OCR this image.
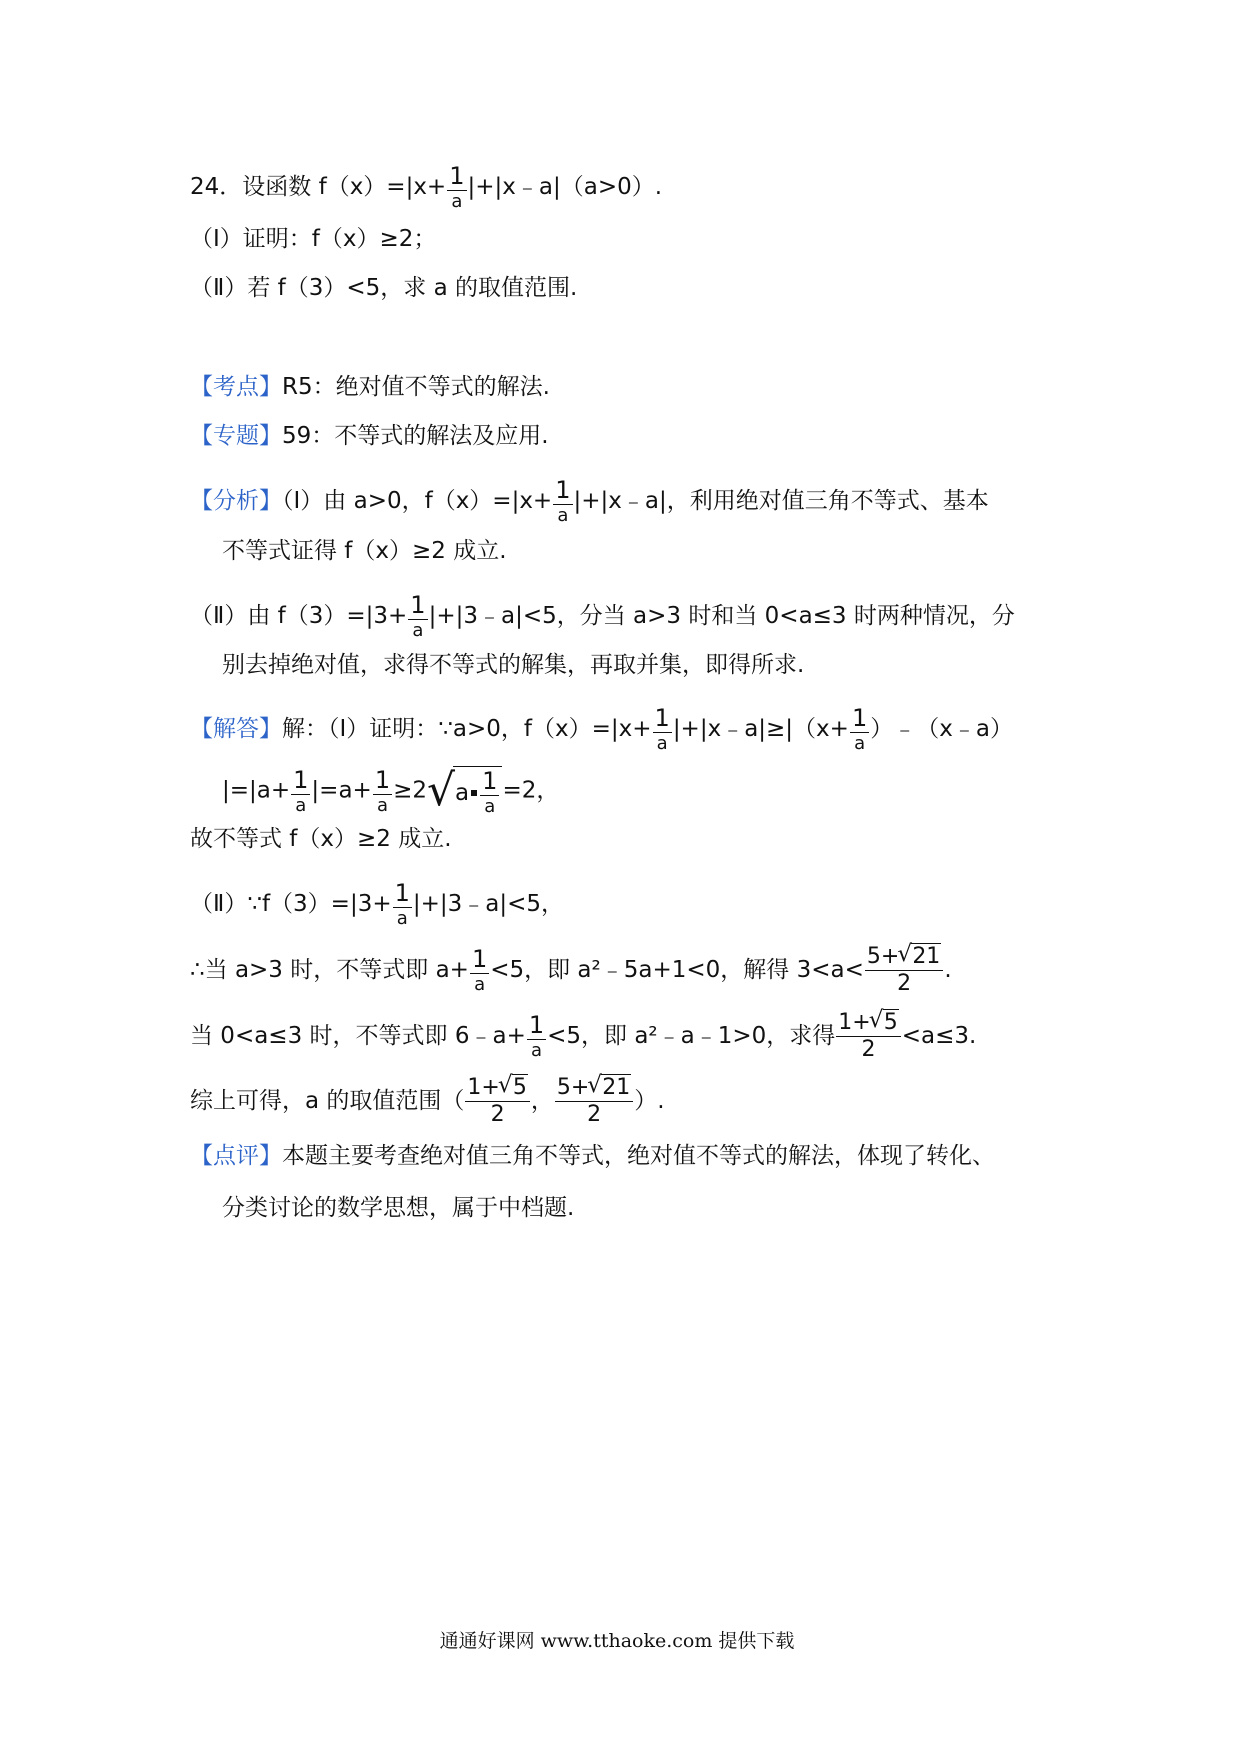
24．设函数 $f(x)=|x+ \frac{1}{a}$ |+|x﹣a|（a>0）.
（Ⅰ）证明：f（x）≥2；
（Ⅱ）若 f（3）<5，求 a 的取值范围.
【考点】R5：绝对值不等式的解法.
【专题】59：不等式的解法及应用.
【分析】（Ⅰ）由 a>0，$f(x)=|x+ \frac{1}{a}$ |+|x﹣a|，利用绝对值三角不等式、基本
不等式证得 f（x）≥2 成立.
（Ⅱ）由 $f(3)=|3+ \frac{1}{a}$ |+|3﹣a|<5，分当 a>3 时和当 0<a≤3 时两种情况，分
别去掉绝对值，求得不等式的解集，再取并集，即得所求.
【解答】解：（Ⅰ）证明：∵a>0，$f(x)=|x+ \frac{1}{a}$ |+|x﹣a|≥|（x+ $\frac{1}{a}$ ）﹣（x﹣a）
$|=|a+ \frac{1}{a} |=a+ \frac{1}{a} \ge 2$ √ a $\frac{1}{a} =2$，
故不等式 f（x）≥2 成立.
（Ⅱ）∵f（3）=|3+ $\frac{1}{a}$ |+|3﹣a|<5，
∴当 a>3 时，不等式即 $a+ \frac{1}{a} <5$，即 a²﹣5a+1<0，解得 $3<a< \frac{5+ √ 21}{2}$ .
当 0<a≤3 时，不等式即 6﹣a+ $\frac{1}{a} <5$，即 a²﹣a﹣1>0，求得 $\frac{1+ √ 5}{2} <a\le 3$.
综上可得，a 的取值范围（ $\frac{1+ √ 5}{2}$ ， $\frac{5+ √ 21}{2}$ ）.
【点评】本题主要考查绝对值三角不等式，绝对值不等式的解法，体现了转化、
分类讨论的数学思想，属于中档题.
通通好课网 www.tthaoke.com 提供下载
